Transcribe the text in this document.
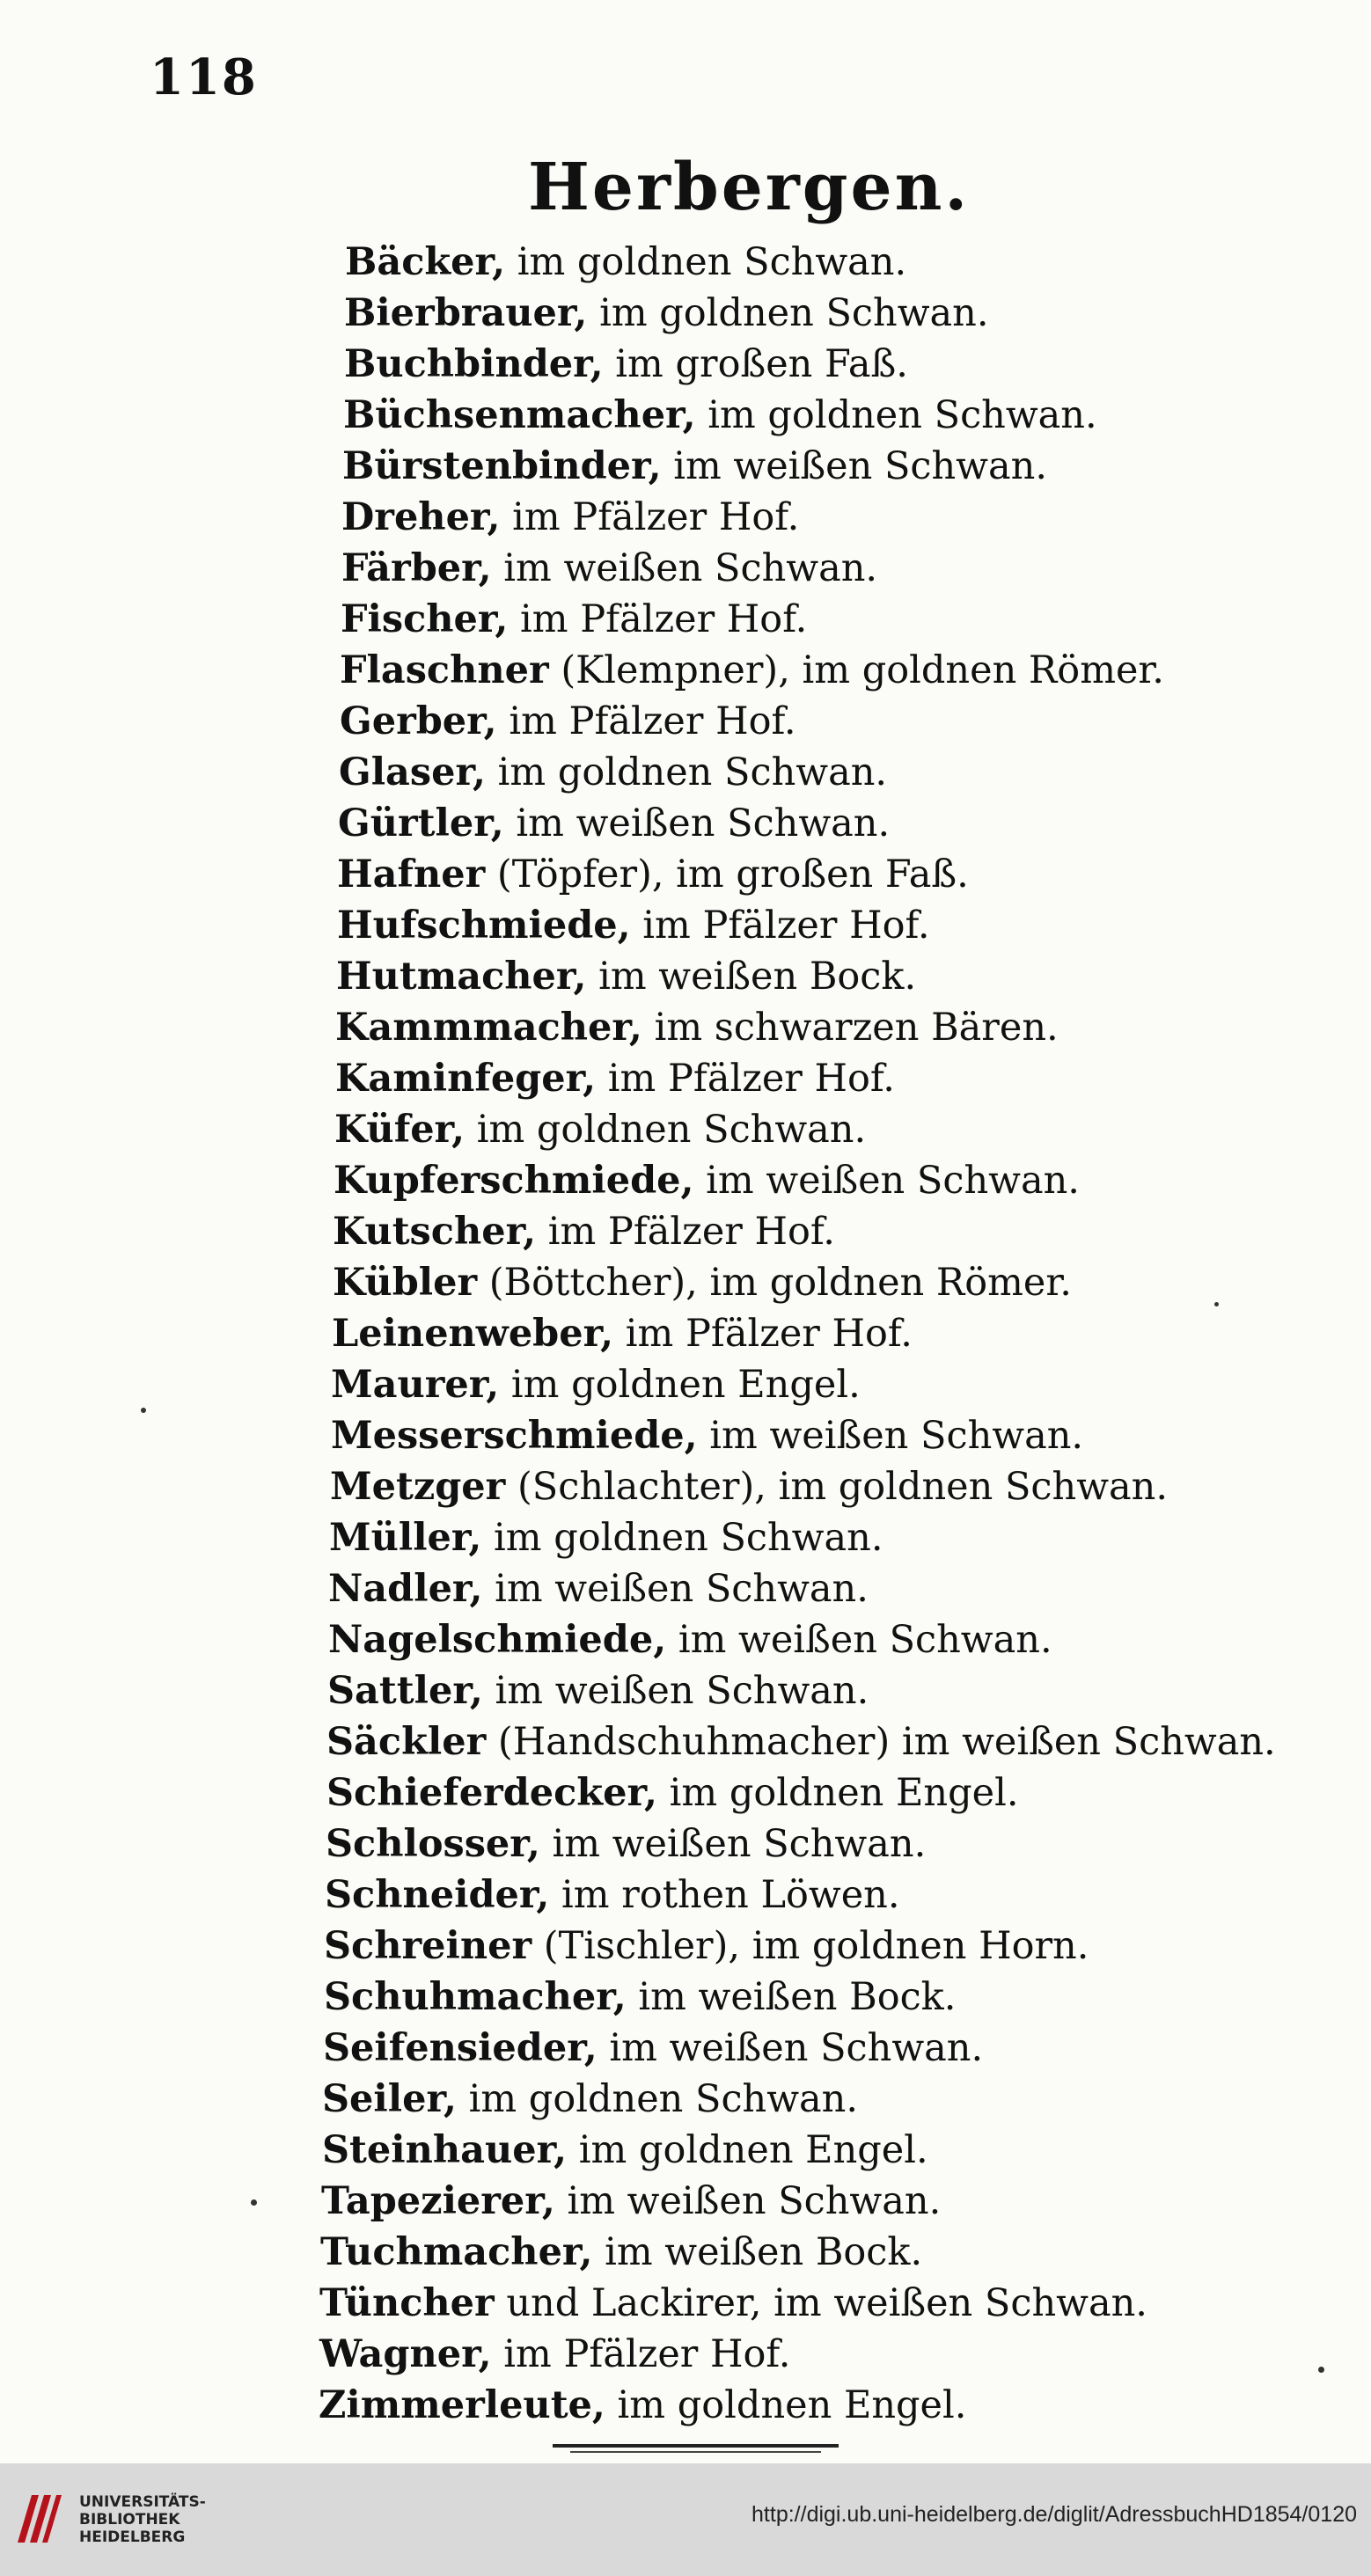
118
Herbergen.
Bäcker, im goldnen Schwan.
Bierbrauer, im goldnen Schwan.
Buchbinder, im großen Faß.
Büchsenmacher, im goldnen Schwan.
Bürstenbinder, im weißen Schwan.
Dreher, im Pfälzer Hof.
Färber, im weißen Schwan.
Fischer, im Pfälzer Hof.
Flaschner (Klempner), im goldnen Römer.
Gerber, im Pfälzer Hof.
Glaser, im goldnen Schwan.
Gürtler, im weißen Schwan.
Hafner (Töpfer), im großen Faß.
Hufschmiede, im Pfälzer Hof.
Hutmacher, im weißen Bock.
Kammmacher, im schwarzen Bären.
Kaminfeger, im Pfälzer Hof.
Küfer, im goldnen Schwan.
Kupferschmiede, im weißen Schwan.
Kutscher, im Pfälzer Hof.
Kübler (Böttcher), im goldnen Römer.
Leinenweber, im Pfälzer Hof.
Maurer, im goldnen Engel.
Messerschmiede, im weißen Schwan.
Metzger (Schlachter), im goldnen Schwan.
Müller, im goldnen Schwan.
Nadler, im weißen Schwan.
Nagelschmiede, im weißen Schwan.
Sattler, im weißen Schwan.
Säckler (Handschuhmacher) im weißen Schwan.
Schieferdecker, im goldnen Engel.
Schlosser, im weißen Schwan.
Schneider, im rothen Löwen.
Schreiner (Tischler), im goldnen Horn.
Schuhmacher, im weißen Bock.
Seifensieder, im weißen Schwan.
Seiler, im goldnen Schwan.
Steinhauer, im goldnen Engel.
Tapezierer, im weißen Schwan.
Tuchmacher, im weißen Bock.
Tüncher und Lackirer, im weißen Schwan.
Wagner, im Pfälzer Hof.
Zimmerleute, im goldnen Engel.
UNIVERSITÄTS-
BIBLIOTHEK
HEIDELBERG
http://digi.ub.uni-heidelberg.de/diglit/AdressbuchHD1854/0120
